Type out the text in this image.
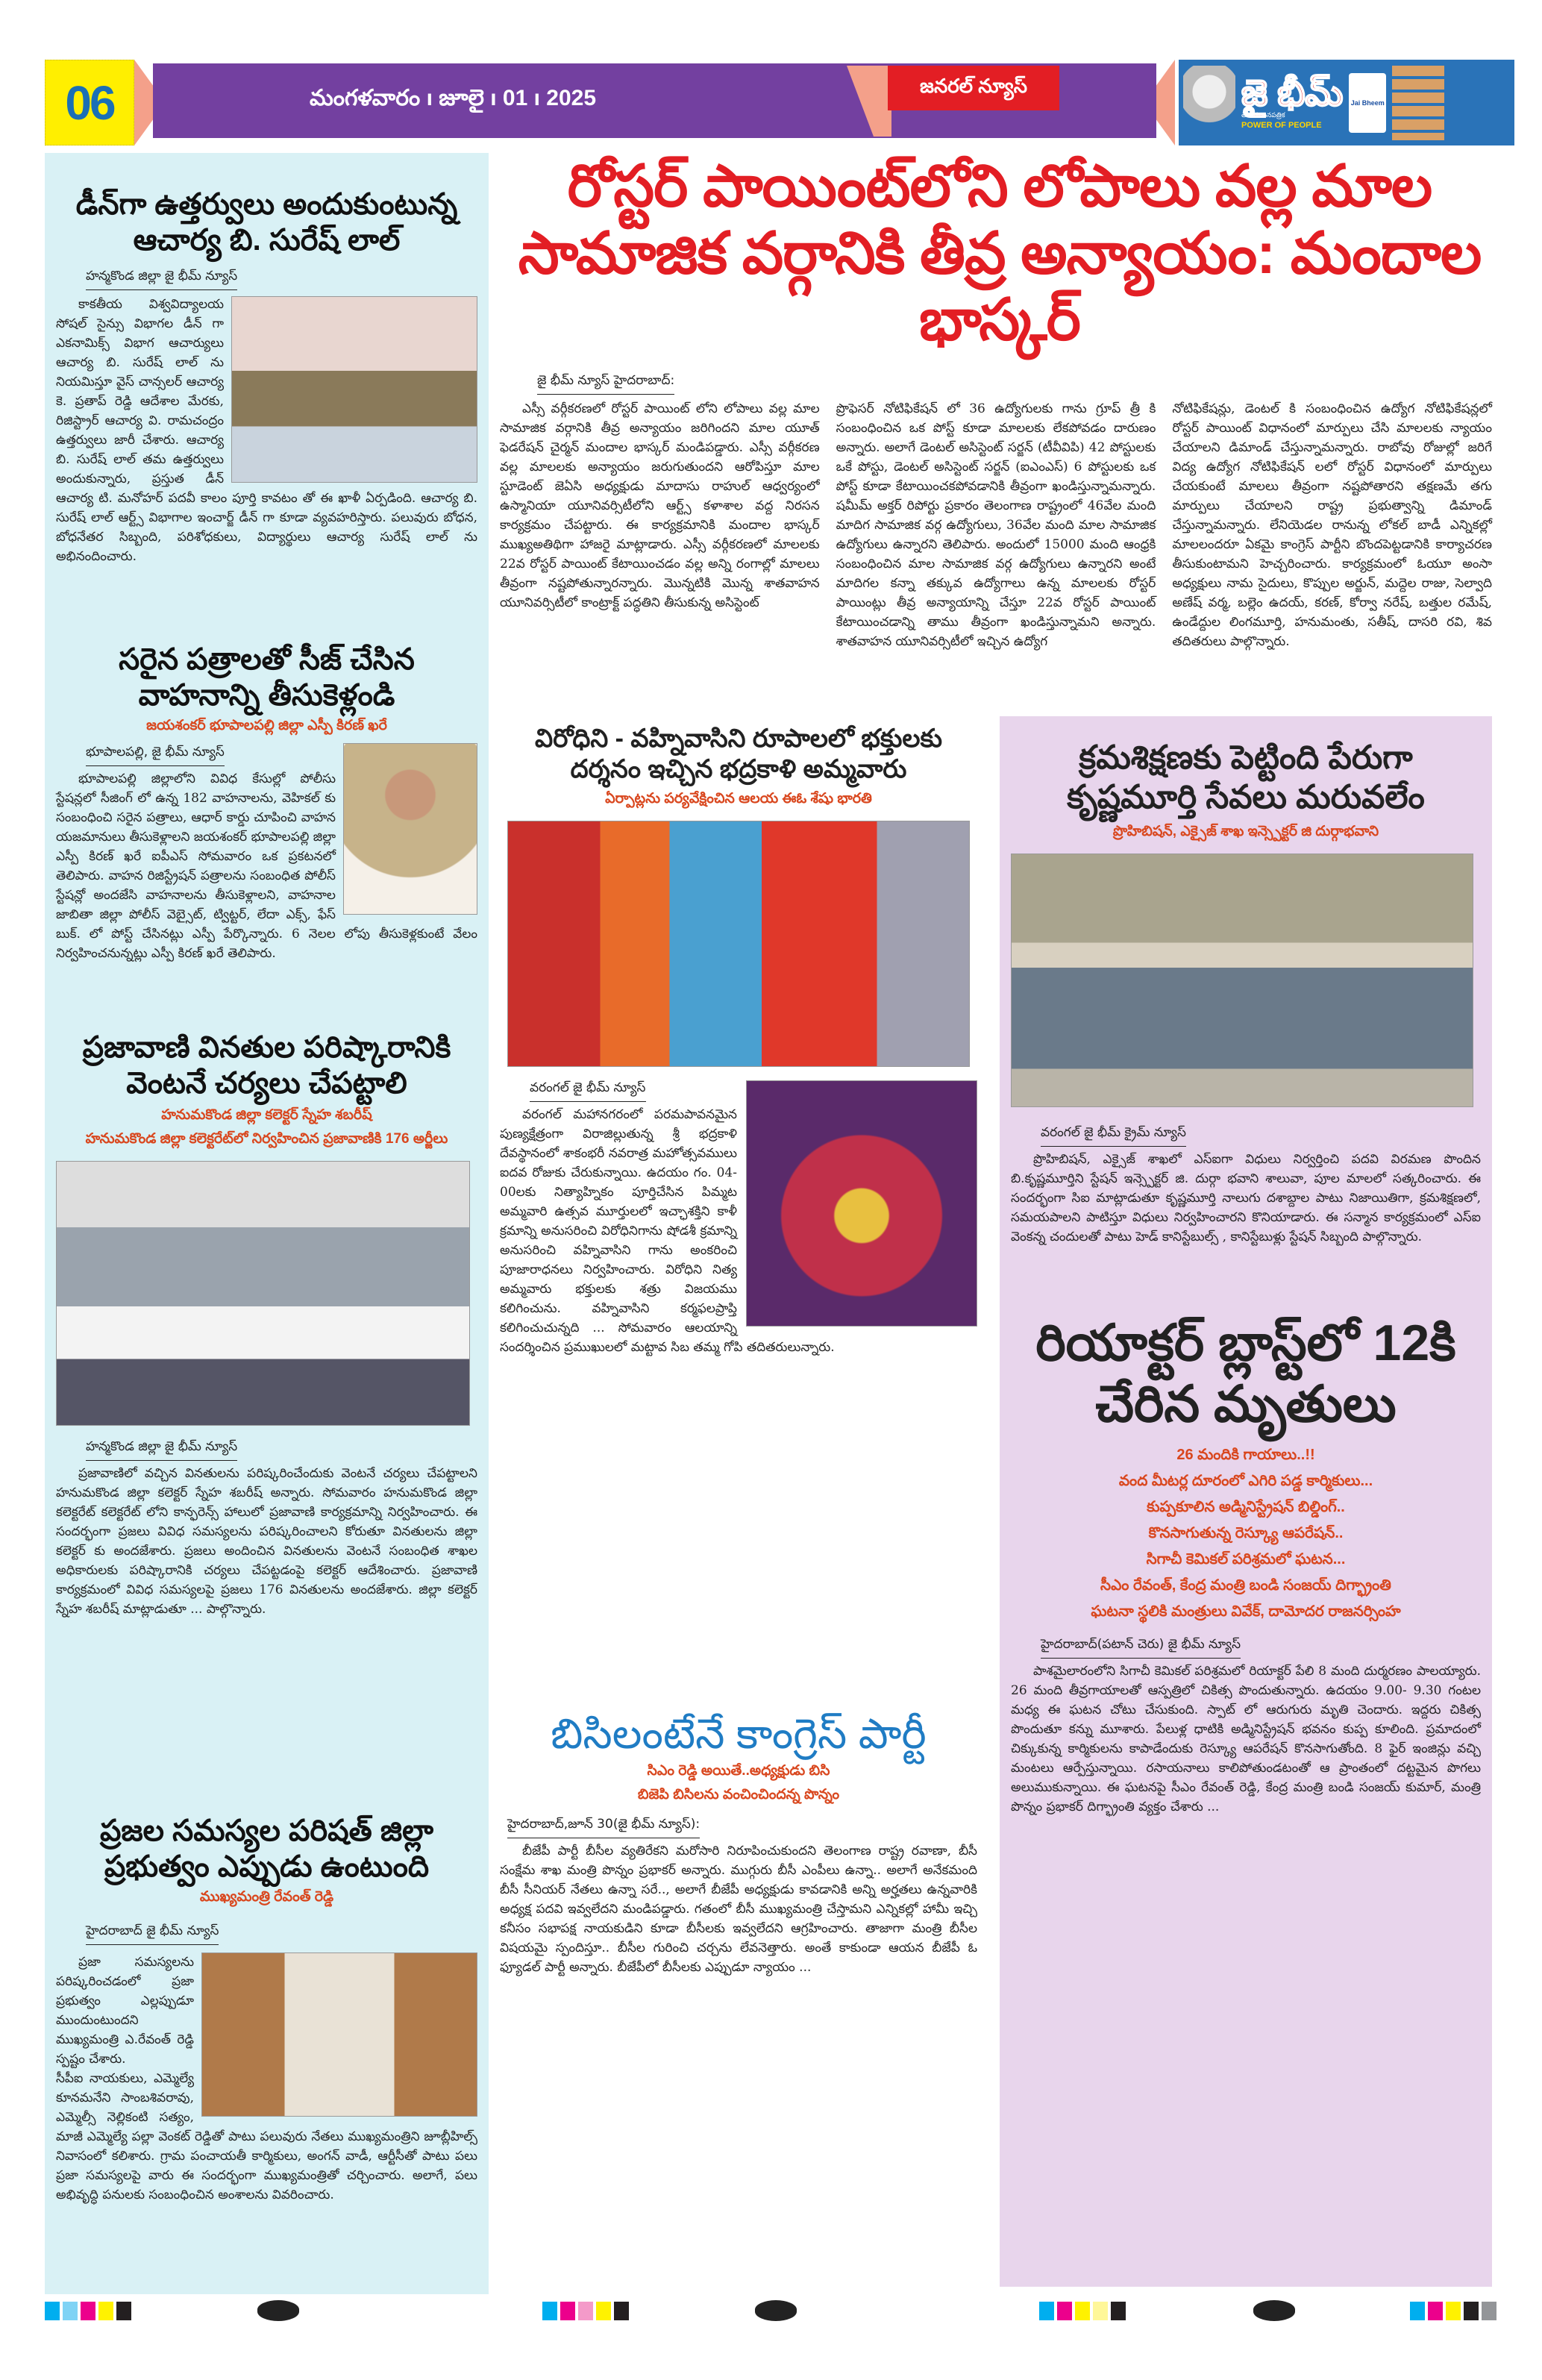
06	మంగళవారం ı జూలై ı 01 ı 2025	జనరల్ న్యూస్	జై భీమ్
తెలుగు దినపత్రిక
POWER OF PEOPLE
Jai Bheem
రోస్టర్ పాయింట్‌లోని లోపాలు వల్ల మాల సామాజిక వర్గానికి తీవ్ర అన్యాయం: మందాల భాస్కర్
జై భీమ్ న్యూస్ హైదరాబాద్:

ఎస్సీ వర్గీకరణలో రోస్టర్ పాయింట్ లోని లోపాలు వల్ల మాల సామాజిక వర్గానికి తీవ్ర అన్యాయం జరిగిందని మాల యూత్ ఫెడరేషన్ చైర్మన్ మందాల భాస్కర్ మండిపడ్డారు. ఎస్సీ వర్గీకరణ వల్ల మాలలకు అన్యాయం జరుగుతుందని ఆరోపిస్తూ మాల స్టూడెంట్ జెఏసి అధ్యక్షుడు మాదాసు రాహుల్ ఆధ్వర్యంలో ఉస్మానియా యూనివర్సిటీలోని ఆర్ట్స్ కళాశాల వద్ద నిరసన కార్యక్రమం చేపట్టారు. ఈ కార్యక్రమానికి మందాల భాస్కర్ ముఖ్యఅతిథిగా హాజరై మాట్లాడారు. ఎస్సీ వర్గీకరణలో మాలలకు 22వ రోస్టర్ పాయింట్ కేటాయించడం వల్ల అన్ని రంగాల్లో మాలలు తీవ్రంగా నష్టపోతున్నారన్నారు. మొన్నటికి మొన్న శాతవాహన యూనివర్సిటీలో కాంట్రాక్ట్ పద్ధతిని తీసుకున్న అసిస్టెంట్

ప్రొఫెసర్ నోటిఫికేషన్ లో 36 ఉద్యోగులకు గాను గ్రూప్ త్రీ కి సంబంధించిన ఒక పోస్ట్ కూడా మాలలకు లేకపోవడం దారుణం అన్నారు. అలాగే డెంటల్ అసిస్టెంట్ సర్జన్ (టీవీవిపి) 42 పోస్టులకు ఒకే పోస్టు, డెంటల్ అసిస్టెంట్ సర్జన్ (ఐఎంఎస్) 6 పోస్టులకు ఒక పోస్ట్ కూడా కేటాయించకపోవడానికి తీవ్రంగా ఖండిస్తున్నామన్నారు. షమీమ్ అక్తర్ రిపోర్టు ప్రకారం తెలంగాణ రాష్ట్రంలో 46వేల మంది మాదిగ సామాజిక వర్గ ఉద్యోగులు, 36వేల మంది మాల సామాజిక ఉద్యోగులు ఉన్నారని తెలిపారు. అందులో 15000 మంది ఆంధ్రకి సంబంధించిన మాల సామాజిక వర్గ ఉద్యోగులు ఉన్నారని అంటే మాదిగల కన్నా తక్కువ ఉద్యోగాలు ఉన్న మాలలకు రోస్టర్ పాయింట్లు తీవ్ర అన్యాయాన్ని చేస్తూ 22వ రోస్టర్ పాయింట్ కేటాయించడాన్ని తాము తీవ్రంగా ఖండిస్తున్నామని అన్నారు. శాతవాహన యూనివర్సిటీలో ఇచ్చిన ఉద్యోగ

నోటిఫికేషన్లు, డెంటల్ కి సంబంధించిన ఉద్యోగ నోటిఫికేషన్లలో రోస్టర్ పాయింట్ విధానంలో మార్పులు చేసి మాలలకు న్యాయం చేయాలని డిమాండ్ చేస్తున్నామన్నారు. రాబోవు రోజుల్లో జరిగే విద్య ఉద్యోగ నోటిఫికేషన్ లలో రోస్టర్ విధానంలో మార్పులు చేయకుంటే మాలలు తీవ్రంగా నష్టపోతారని తక్షణమే తగు మార్పులు చేయాలని రాష్ట్ర ప్రభుత్వాన్ని డిమాండ్ చేస్తున్నామన్నారు. లేనియెడల రానున్న లోకల్ బాడీ ఎన్నికల్లో మాలలందరూ ఏకమై కాంగ్రెస్ పార్టీని బొందపెట్టడానికి కార్యాచరణ తీసుకుంటామని హెచ్చరించారు. కార్యక్రమంలో ఓయూ అంసా అధ్యక్షులు నామ సైదులు, కొప్పుల అర్జున్, మద్దెల రాజు, సెల్వాది అణేష్ వర్మ, బల్లెం ఉదయ్, కరణ్, కోర్వా నరేష్, బత్తుల రమేష్, ఉండేద్దుల లింగమూర్తి, హనుమంతు, సతీష్, దాసరి రవి, శివ తదితరులు పాల్గొన్నారు.

డీన్‌గా ఉత్తర్వులు అందుకుంటున్న ఆచార్య బి. సురేష్ లాల్
హన్మకొండ జిల్లా జై భీమ్ న్యూస్

కాకతీయ విశ్వవిద్యాలయ సోషల్ సైన్సు విభాగల డీన్ గా ఎకనామిక్స్ విభాగ ఆచార్యులు ఆచార్య బి. సురేష్ లాల్ ను నియమిస్తూ వైస్ చాన్సలర్ ఆచార్య కె. ప్రతాప్ రెడ్డి ఆదేశాల మేరకు, రిజిస్ట్రార్ ఆచార్య వి. రామచంద్రం ఉత్తర్వులు జారీ చేశారు. ఆచార్య బి. సురేష్ లాల్ తమ ఉత్తర్వులు అందుకున్నారు, ప్రస్తుత డీన్ ఆచార్య టి. మనోహర్ పదవీ కాలం పూర్తి కావటం తో ఈ ఖాళీ ఏర్పడింది. ఆచార్య బి. సురేష్ లాల్ ఆర్ట్స్ విభాగాల ఇంచార్జ్ డీన్ గా కూడా వ్యవహరిస్తారు. పలువురు బోధన, బోధనేతర సిబ్బంది, పరిశోధకులు, విద్యార్థులు ఆచార్య సురేష్ లాల్ ను అభినందించారు.

సరైన పత్రాలతో సీజ్ చేసిన వాహనాన్ని తీసుకెళ్లండి
జయశంకర్ భూపాలపల్లి జిల్లా ఎస్పీ కిరణ్ ఖరే
భూపాలపల్లి, జై భీమ్ న్యూస్

భూపాలపల్లి జిల్లాలోని వివిధ కేసుల్లో పోలీసు స్టేషన్లలో సీజింగ్ లో ఉన్న 182 వాహనాలను, వెహికల్ కు సంబంధించి సరైన పత్రాలు, ఆధార్ కార్డు చూపించి వాహన యజమానులు తీసుకెళ్లాలని జయశంకర్ భూపాలపల్లి జిల్లా ఎస్పీ కిరణ్ ఖరే ఐపీఎస్ సోమవారం ఒక ప్రకటనలో తెలిపారు. వాహన రిజిస్ట్రేషన్ పత్రాలను సంబంధిత పోలీస్ స్టేషన్లో అందజేసి వాహనాలను తీసుకెళ్లాలని, వాహనాల జాబితా జిల్లా పోలీస్ వెబ్సైట్, ట్విట్టర్, లేదా ఎక్స్, ఫేస్ బుక్. లో పోస్ట్ చేసినట్లు ఎస్పీ పేర్కొన్నారు. 6 నెలల లోపు తీసుకెళ్లకుంటే వేలం నిర్వహించనున్నట్లు ఎస్పీ కిరణ్ ఖరే తెలిపారు.

ప్రజావాణి వినతుల పరిష్కారానికి వెంటనే చర్యలు చేపట్టాలి
హనుమకొండ జిల్లా కలెక్టర్ స్నేహ శబరీష్
హనుమకొండ జిల్లా కలెక్టరేట్‌లో నిర్వహించిన ప్రజావాణికి 176 అర్జీలు
హన్మకొండ జిల్లా జై భీమ్ న్యూస్

ప్రజావాణిలో వచ్చిన వినతులను పరిష్కరించేందుకు వెంటనే చర్యలు చేపట్టాలని హనుమకొండ జిల్లా కలెక్టర్ స్నేహ శబరీష్ అన్నారు. సోమవారం హనుమకొండ జిల్లా కలెక్టరేట్ కలెక్టరేట్ లోని కాన్ఫరెన్స్ హాలులో ప్రజావాణి కార్యక్రమాన్ని నిర్వహించారు. ఈ సందర్భంగా ప్రజలు వివిధ సమస్యలను పరిష్కరించాలని కోరుతూ వినతులను జిల్లా కలెక్టర్ కు అందజేశారు. ప్రజలు అందించిన వినతులను వెంటనే సంబంధిత శాఖల అధికారులకు పరిష్కారానికి చర్యలు చేపట్టడంపై కలెక్టర్ ఆదేశించారు. ప్రజావాణి కార్యక్రమంలో వివిధ సమస్యలపై ప్రజలు 176 వినతులను అందజేశారు. జిల్లా కలెక్టర్ స్నేహ శబరీష్ మాట్లాడుతూ ... పాల్గొన్నారు.

ప్రజల సమస్యల పరిషత్ జిల్లా ప్రభుత్వం ఎప్పుడు ఉంటుంది
ముఖ్యమంత్రి రేవంత్ రెడ్డి
హైదరాబాద్ జై భీమ్ న్యూస్

ప్రజా సమస్యలను పరిష్కరించడంలో ప్రజా ప్రభుత్వం ఎల్లప్పుడూ ముందుంటుందని ముఖ్యమంత్రి ఎ.రేవంత్ రెడ్డి స్పష్టం చేశారు.

సీపీఐ నాయకులు, ఎమ్మెల్యే కూనమనేని సాంబశివరావు, ఎమ్మెల్సీ నెల్లికంటి సత్యం, మాజీ ఎమ్మెల్యే పల్లా వెంకట్ రెడ్డితో పాటు పలువురు నేతలు ముఖ్యమంత్రిని జూబ్లీహిల్స్ నివాసంలో కలిశారు. గ్రామ పంచాయతీ కార్మికులు, అంగన్ వాడీ, ఆర్టీసీతో పాటు పలు ప్రజా సమస్యలపై వారు ఈ సందర్భంగా ముఖ్యమంత్రితో చర్చించారు. అలాగే, పలు అభివృద్ధి పనులకు సంబంధించిన అంశాలను వివరించారు.

విరోధిని - వహ్నివాసిని రూపాలలో భక్తులకు దర్శనం ఇచ్చిన భద్రకాళి అమ్మవారు
ఏర్పాట్లను పర్యవేక్షించిన ఆలయ ఈఓ శేషు భారతి
వరంగల్ జై భీమ్ న్యూస్

వరంగల్ మహానగరంలో పరమపావనమైన పుణ్యక్షేత్రంగా విరాజిల్లుతున్న శ్రీ భద్రకాళి దేవస్థానంలో శాకంభరీ నవరాత్ర మహోత్సవములు ఐదవ రోజుకు చేరుకున్నాయి. ఉదయం గం. 04-00లకు నిత్యాహ్నికం పూర్తిచేసిన పిమ్మట అమ్మవారి ఉత్సవ మూర్తులలో ఇచ్ఛాశక్తిని కాళీ క్రమాన్ని అనుసరించి విరోధినిగాను షోడశీ క్రమాన్ని అనుసరించి వహ్నివాసిని గాను అంకరించి పూజారాధనలు నిర్వహించారు. విరోధిని నిత్య అమ్మవారు భక్తులకు శత్రు విజయము కలిగించును. వహ్నివాసిని కర్మఫలప్రాప్తి కలిగించుచున్నది ... సోమవారం ఆలయాన్ని సందర్శించిన ప్రముఖులలో మట్టావ సిబ తమ్మ గోపి తదితరులున్నారు.

బిసిలంటేనే కాంగ్రెస్ పార్టీ
సిఎం రెడ్డి అయితే..అధ్యక్షుడు బిసి
బిజెపి బిసిలను వంచించిందన్న పొన్నం
హైదరాబాద్,జూన్ 30(జై భీమ్ న్యూస్):

బీజేపీ పార్టీ బీసీల వ్యతిరేకని మరోసారి నిరూపించుకుందని తెలంగాణ రాష్ట్ర రవాణా, బీసీ సంక్షేమ శాఖ మంత్రి పొన్నం ప్రభాకర్ అన్నారు. ముగ్గురు బీసీ ఎంపీలు ఉన్నా.. అలాగే అనేకమంది బీసీ సీనియర్ నేతలు ఉన్నా సరే.., అలాగే బీజేపీ అధ్యక్షుడు కావడానికి అన్ని అర్హతలు ఉన్నవారికి అధ్యక్ష పదవి ఇవ్వలేదని మండిపడ్డారు. గతంలో బీసీ ముఖ్యమంత్రి చేస్తామని ఎన్నికల్లో హామీ ఇచ్చి కనీసం సభాపక్ష నాయకుడిని కూడా బీసీలకు ఇవ్వలేదని ఆగ్రహించారు. తాజాగా మంత్రి బీసీల విషయమై స్పందిస్తూ.. బీసీల గురించి చర్చను లేవనెత్తారు. అంతే కాకుండా ఆయన బీజేపీ ఓ ఫ్యూడల్ పార్టీ అన్నారు. బీజేపీలో బీసీలకు ఎప్పుడూ న్యాయం ...

క్రమశిక్షణకు పెట్టింది పేరుగా కృష్ణమూర్తి సేవలు మరువలేం
ప్రొహిబిషన్, ఎక్సైజ్ శాఖ ఇన్స్పెక్టర్ జి దుర్గాభవాని
వరంగల్ జై భీమ్ క్రైమ్ న్యూస్

ప్రొహిబిషన్, ఎక్సైజ్ శాఖలో ఎస్ఐగా విధులు నిర్వర్తించి పదవి విరమణ పొందిన బి.కృష్ణమూర్తిని స్టేషన్ ఇన్స్పెక్టర్ జి. దుర్గా భవాని శాలువా, పూల మాలలో సత్కరించారు. ఈ సందర్భంగా సిఐ మాట్లాడుతూ కృష్ణమూర్తి నాలుగు దశాబ్దాల పాటు నిజాయితిగా, క్రమశిక్షణలో, సమయపాలని పాటిస్తూ విధులు నిర్వహించారని కొనియాడారు. ఈ సన్మాన కార్యక్రమంలో ఎస్ఐ వెంకన్న చందులతో పాటు హెడ్ కానిస్టేబుల్స్ , కానిస్టేబుళ్లు స్టేషన్ సిబ్బంది పాల్గొన్నారు.

రియాక్టర్ బ్లాస్ట్‌లో 12కి చేరిన మృతులు
26 మందికి గాయాలు..!!
వంద మీటర్ల దూరంలో ఎగిరి పడ్డ కార్మికులు...
కుప్పకూలిన అడ్మినిస్ట్రేషన్ బిల్డింగ్..
కొనసాగుతున్న రెస్క్యూ ఆపరేషన్..
సిగాచీ కెమికల్ పరిశ్రమలో ఘటన...
సీఎం రేవంత్, కేంద్ర మంత్రి బండి సంజయ్ దిగ్భ్రాంతి
ఘటనా స్థలికి మంత్రులు వివేక్, దామోదర రాజనర్సింహ
హైదరాబాద్(పటాన్ చెరు) జై భీమ్ న్యూస్

పాశమైలారంలోని సిగాచీ కెమికల్ పరిశ్రమలో రియాక్టర్ పేలి 8 మంది దుర్మరణం పాలయ్యారు. 26 మంది తీవ్రగాయాలతో ఆస్పత్రిలో చికిత్స పొందుతున్నారు. ఉదయం 9.00- 9.30 గంటల మధ్య ఈ ఘటన చోటు చేసుకుంది. స్పాట్ లో ఆరుగురు మృతి చెందారు. ఇద్దరు చికిత్స పొందుతూ కన్ను మూశారు. పేలుళ్ల ధాటికి అడ్మినిస్ట్రేషన్ భవనం కుప్ప కూలింది. ప్రమాదంలో చిక్కుకున్న కార్మికులను కాపాడేందుకు రెస్క్యూ ఆపరేషన్ కొనసాగుతోంది. 8 ఫైర్ ఇంజిన్లు వచ్చి మంటలు ఆర్పేస్తున్నాయి. రసాయనాలు కాలిపోతుండటంతో ఆ ప్రాంతంలో దట్టమైన పొగలు అలుముకున్నాయి. ఈ ఘటనపై సీఎం రేవంత్ రెడ్డి, కేంద్ర మంత్రి బండి సంజయ్ కుమార్, మంత్రి పొన్నం ప్రభాకర్ దిగ్భ్రాంతి వ్యక్తం చేశారు ...
